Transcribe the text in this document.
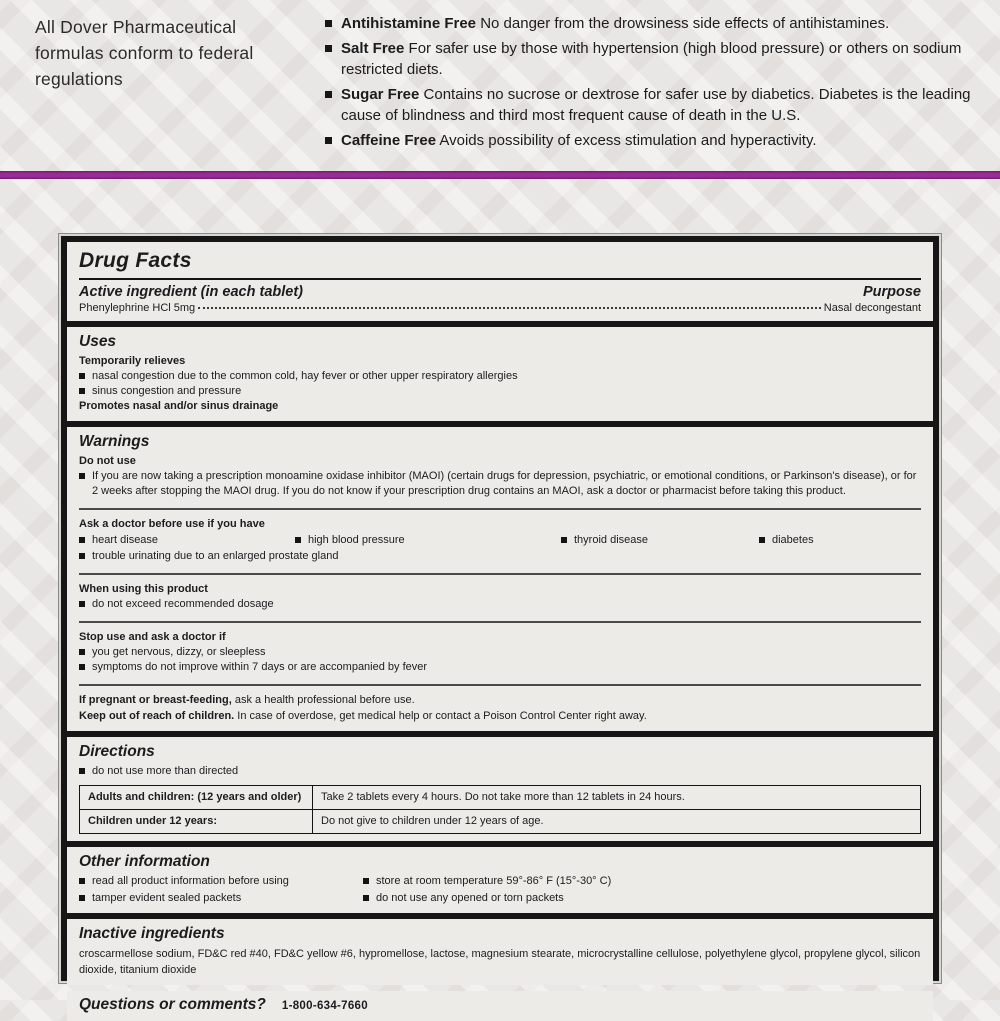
All Dover Pharmaceutical formulas conform to federal regulations
Antihistamine Free No danger from the drowsiness side effects of antihistamines.
Salt Free For safer use by those with hypertension (high blood pressure) or others on sodium restricted diets.
Sugar Free Contains no sucrose or dextrose for safer use by diabetics. Diabetes is the leading cause of blindness and third most frequent cause of death in the U.S.
Caffeine Free Avoids possibility of excess stimulation and hyperactivity.
Drug Facts
Active ingredient (in each tablet)	Purpose
Phenylephrine HCl 5mg	Nasal decongestant
Uses
Temporarily relieves
nasal congestion due to the common cold, hay fever or other upper respiratory allergies
sinus congestion and pressure
Promotes nasal and/or sinus drainage
Warnings
Do not use
If you are now taking a prescription monoamine oxidase inhibitor (MAOI) (certain drugs for depression, psychiatric, or emotional conditions, or Parkinson's disease), or for 2 weeks after stopping the MAOI drug. If you do not know if your prescription drug contains an MAOI, ask a doctor or pharmacist before taking this product.
Ask a doctor before use if you have
heart disease	high blood pressure	thyroid disease	diabetes
trouble urinating due to an enlarged prostate gland
When using this product
do not exceed recommended dosage
Stop use and ask a doctor if
you get nervous, dizzy, or sleepless
symptoms do not improve within 7 days or are accompanied by fever
If pregnant or breast-feeding, ask a health professional before use.
Keep out of reach of children. In case of overdose, get medical help or contact a Poison Control Center right away.
Directions
do not use more than directed
Adults and children: (12 years and older)	Take 2 tablets every 4 hours. Do not take more than 12 tablets in 24 hours.
Children under 12 years:	Do not give to children under 12 years of age.
Other information
read all product information before using	store at room temperature 59°-86° F (15°-30° C)
tamper evident sealed packets	do not use any opened or torn packets
Inactive ingredients
croscarmellose sodium, FD&C red #40, FD&C yellow #6, hypromellose, lactose, magnesium stearate, microcrystalline cellulose, polyethylene glycol, propylene glycol, silicon dioxide, titanium dioxide
Questions or comments? 1-800-634-7660
